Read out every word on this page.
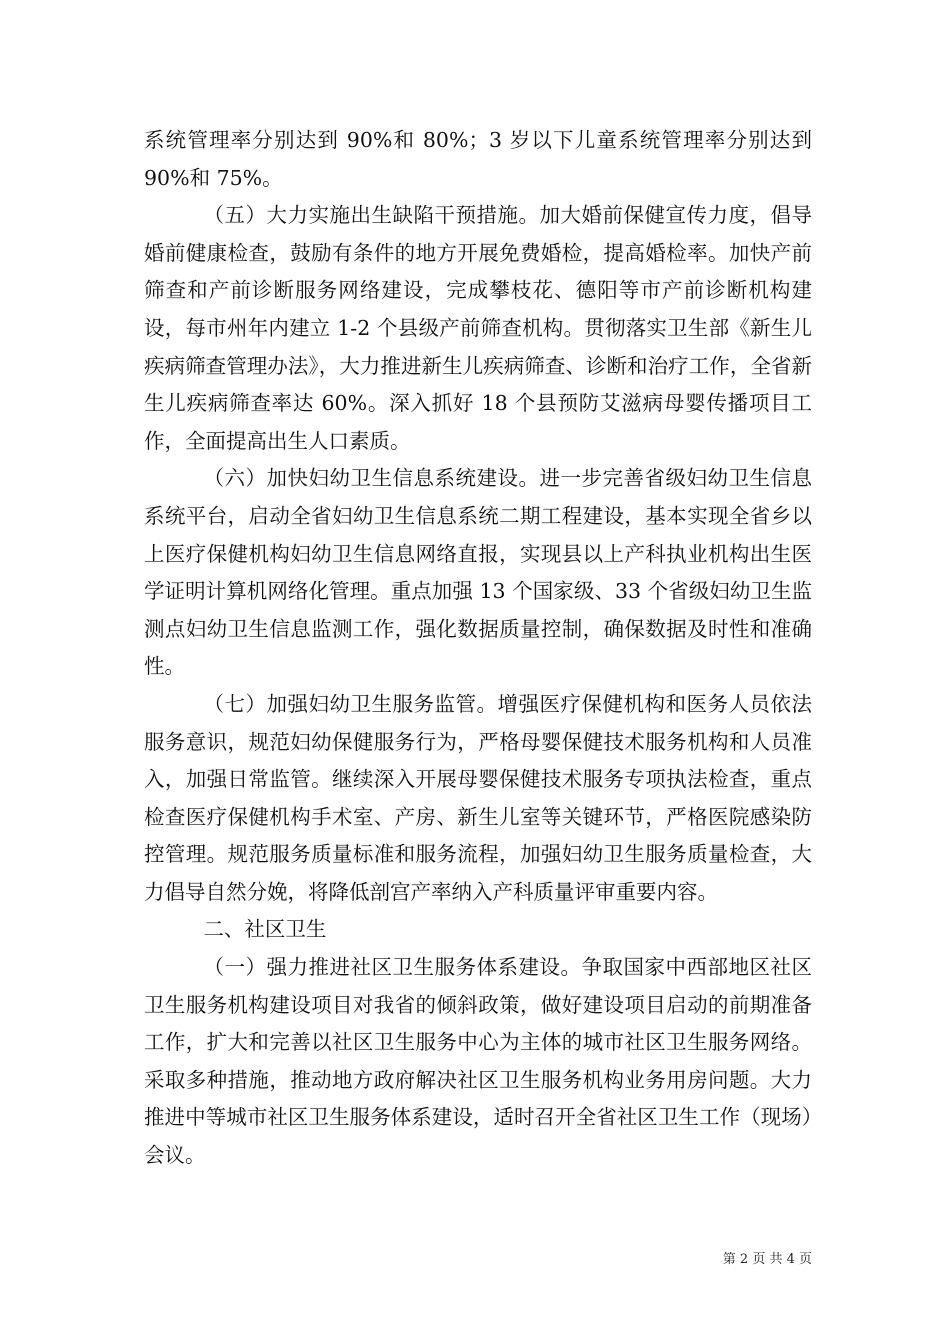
系统管理率分别达到 90%和 80%；3 岁以下儿童系统管理率分别达到 90%和 75%。

（五）大力实施出生缺陷干预措施。加大婚前保健宣传力度，倡导婚前健康检查，鼓励有条件的地方开展免费婚检，提高婚检率。加快产前筛查和产前诊断服务网络建设，完成攀枝花、德阳等市产前诊断机构建设，每市州年内建立 1-2 个县级产前筛查机构。贯彻落实卫生部《新生儿疾病筛查管理办法》，大力推进新生儿疾病筛查、诊断和治疗工作，全省新生儿疾病筛查率达 60%。深入抓好 18 个县预防艾滋病母婴传播项目工作，全面提高出生人口素质。

（六）加快妇幼卫生信息系统建设。进一步完善省级妇幼卫生信息系统平台，启动全省妇幼卫生信息系统二期工程建设，基本实现全省乡以上医疗保健机构妇幼卫生信息网络直报，实现县以上产科执业机构出生医学证明计算机网络化管理。重点加强 13 个国家级、33 个省级妇幼卫生监测点妇幼卫生信息监测工作，强化数据质量控制，确保数据及时性和准确性。

（七）加强妇幼卫生服务监管。增强医疗保健机构和医务人员依法服务意识，规范妇幼保健服务行为，严格母婴保健技术服务机构和人员准入，加强日常监管。继续深入开展母婴保健技术服务专项执法检查，重点检查医疗保健机构手术室、产房、新生儿室等关键环节，严格医院感染防控管理。规范服务质量标准和服务流程，加强妇幼卫生服务质量检查，大力倡导自然分娩，将降低剖宫产率纳入产科质量评审重要内容。

二、社区卫生

（一）强力推进社区卫生服务体系建设。争取国家中西部地区社区卫生服务机构建设项目对我省的倾斜政策，做好建设项目启动的前期准备工作，扩大和完善以社区卫生服务中心为主体的城市社区卫生服务网络。采取多种措施，推动地方政府解决社区卫生服务机构业务用房问题。大力推进中等城市社区卫生服务体系建设，适时召开全省社区卫生工作（现场）会议。

第 2 页 共 4 页
